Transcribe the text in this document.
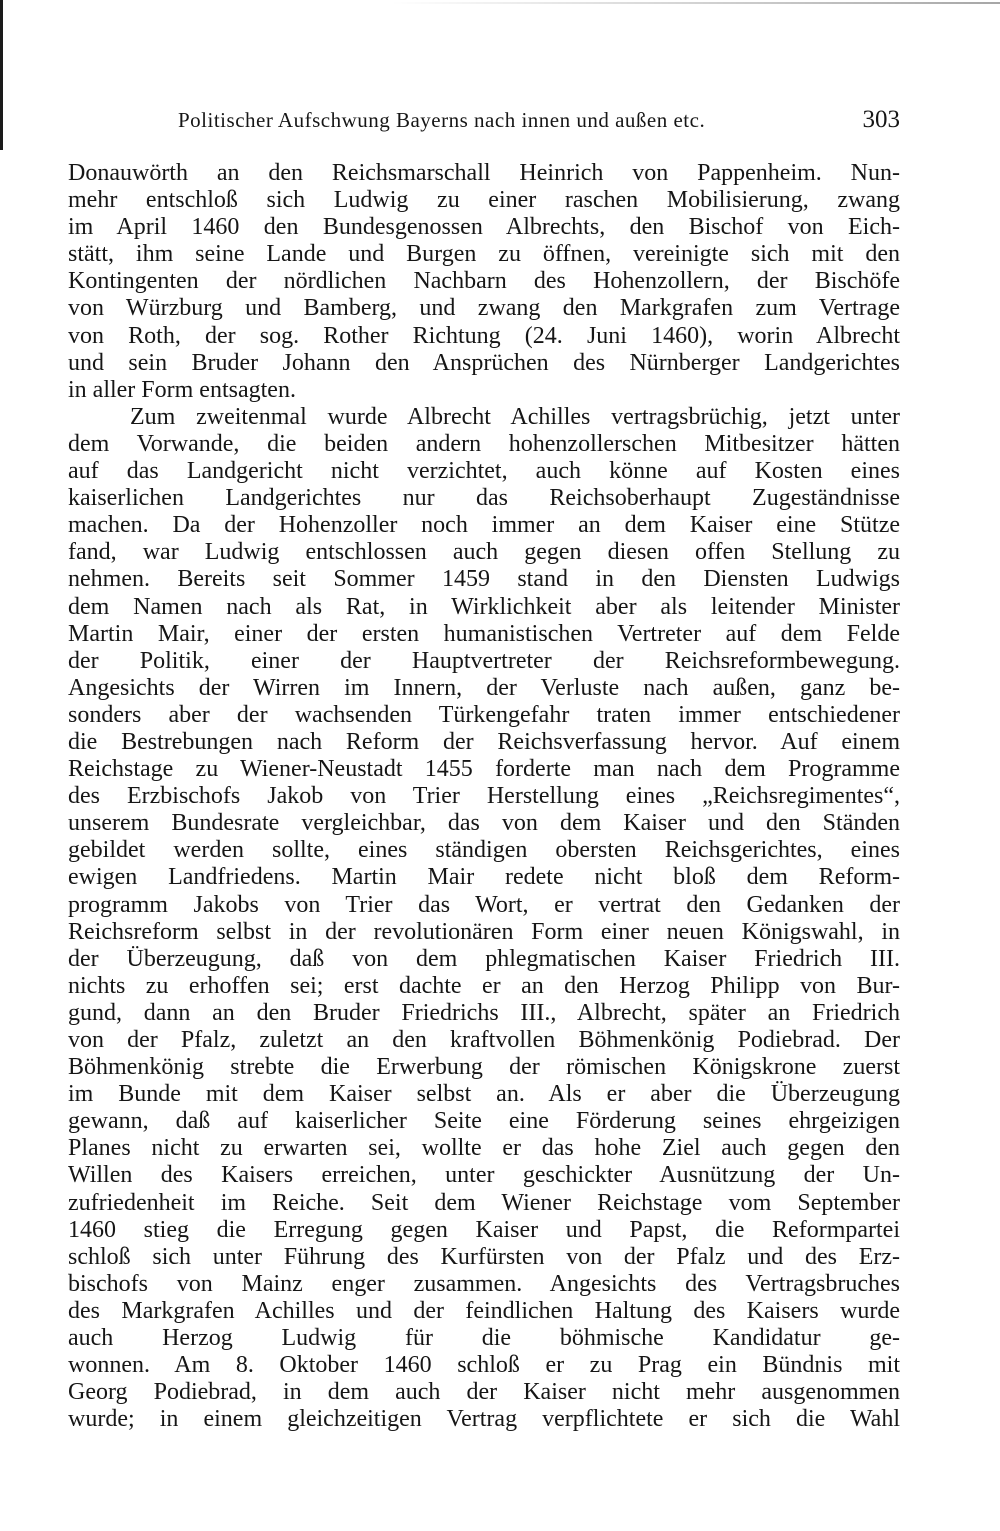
Politischer Aufschwung Bayerns nach innen und außen etc.	303
Donauwörth an den Reichsmarschall Heinrich von Pappenheim. Nun-
mehr entschloß sich Ludwig zu einer raschen Mobilisierung, zwang
im April 1460 den Bundesgenossen Albrechts, den Bischof von Eich-
stätt, ihm seine Lande und Burgen zu öffnen, vereinigte sich mit den
Kontingenten der nördlichen Nachbarn des Hohenzollern, der Bischöfe
von Würzburg und Bamberg, und zwang den Markgrafen zum Vertrage
von Roth, der sog. Rother Richtung (24. Juni 1460), worin Albrecht
und sein Bruder Johann den Ansprüchen des Nürnberger Landgerichtes
in aller Form entsagten.
Zum zweitenmal wurde Albrecht Achilles vertragsbrüchig, jetzt unter
dem Vorwande, die beiden andern hohenzollerschen Mitbesitzer hätten
auf das Landgericht nicht verzichtet, auch könne auf Kosten eines
kaiserlichen Landgerichtes nur das Reichsoberhaupt Zugeständnisse
machen. Da der Hohenzoller noch immer an dem Kaiser eine Stütze
fand, war Ludwig entschlossen auch gegen diesen offen Stellung zu
nehmen. Bereits seit Sommer 1459 stand in den Diensten Ludwigs
dem Namen nach als Rat, in Wirklichkeit aber als leitender Minister
Martin Mair, einer der ersten humanistischen Vertreter auf dem Felde
der Politik, einer der Hauptvertreter der Reichsreformbewegung.
Angesichts der Wirren im Innern, der Verluste nach außen, ganz be-
sonders aber der wachsenden Türkengefahr traten immer entschiedener
die Bestrebungen nach Reform der Reichsverfassung hervor. Auf einem
Reichstage zu Wiener-Neustadt 1455 forderte man nach dem Programme
des Erzbischofs Jakob von Trier Herstellung eines „Reichsregimentes“,
unserem Bundesrate vergleichbar, das von dem Kaiser und den Ständen
gebildet werden sollte, eines ständigen obersten Reichsgerichtes, eines
ewigen Landfriedens. Martin Mair redete nicht bloß dem Reform-
programm Jakobs von Trier das Wort, er vertrat den Gedanken der
Reichsreform selbst in der revolutionären Form einer neuen Königswahl, in
der Überzeugung, daß von dem phlegmatischen Kaiser Friedrich III.
nichts zu erhoffen sei; erst dachte er an den Herzog Philipp von Bur-
gund, dann an den Bruder Friedrichs III., Albrecht, später an Friedrich
von der Pfalz, zuletzt an den kraftvollen Böhmenkönig Podiebrad. Der
Böhmenkönig strebte die Erwerbung der römischen Königskrone zuerst
im Bunde mit dem Kaiser selbst an. Als er aber die Überzeugung
gewann, daß auf kaiserlicher Seite eine Förderung seines ehrgeizigen
Planes nicht zu erwarten sei, wollte er das hohe Ziel auch gegen den
Willen des Kaisers erreichen, unter geschickter Ausnützung der Un-
zufriedenheit im Reiche. Seit dem Wiener Reichstage vom September
1460 stieg die Erregung gegen Kaiser und Papst, die Reformpartei
schloß sich unter Führung des Kurfürsten von der Pfalz und des Erz-
bischofs von Mainz enger zusammen. Angesichts des Vertragsbruches
des Markgrafen Achilles und der feindlichen Haltung des Kaisers wurde
auch Herzog Ludwig für die böhmische Kandidatur ge-
wonnen. Am 8. Oktober 1460 schloß er zu Prag ein Bündnis mit
Georg Podiebrad, in dem auch der Kaiser nicht mehr ausgenommen
wurde; in einem gleichzeitigen Vertrag verpflichtete er sich die Wahl
